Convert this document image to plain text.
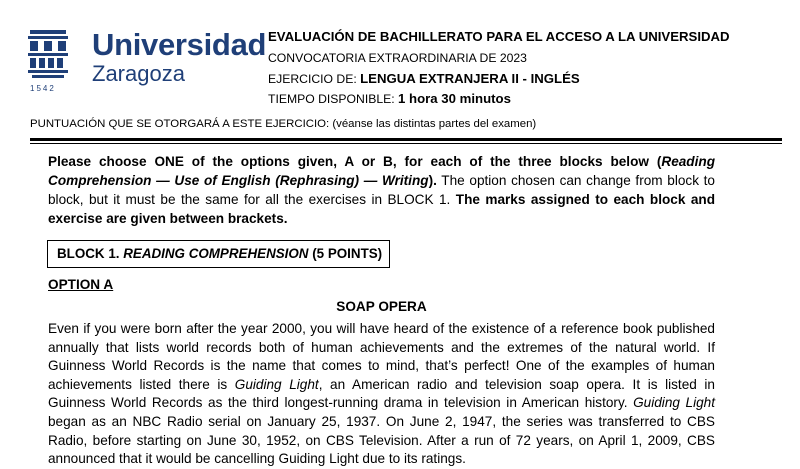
1542
Universidad
Zaragoza
EVALUACIÓN DE BACHILLERATO PARA EL ACCESO A LA UNIVERSIDAD
CONVOCATORIA EXTRAORDINARIA DE 2023
EJERCICIO DE: LENGUA EXTRANJERA II - INGLÉS
TIEMPO DISPONIBLE: 1 hora 30 minutos
PUNTUACIÓN QUE SE OTORGARÁ A ESTE EJERCICIO: (véanse las distintas partes del examen)
Please choose ONE of the options given, A or B, for each of the three blocks below (Reading Comprehension — Use of English (Rephrasing) — Writing). The option chosen can change from block to block, but it must be the same for all the exercises in BLOCK 1. The marks assigned to each block and exercise are given between brackets.
BLOCK 1. READING COMPREHENSION (5 POINTS)
OPTION A
SOAP OPERA

Even if you were born after the year 2000, you will have heard of the existence of a reference book published annually that lists world records both of human achievements and the extremes of the natural world. If Guinness World Records is the name that comes to mind, that’s perfect! One of the examples of human achievements listed there is Guiding Light, an American radio and television soap opera. It is listed in Guinness World Records as the third longest-running drama in television in American history. Guiding Light began as an NBC Radio serial on January 25, 1937. On June 2, 1947, the series was transferred to CBS Radio, before starting on June 30, 1952, on CBS Television. After a run of 72 years, on April 1, 2009, CBS announced that it would be cancelling Guiding Light due to its ratings.
